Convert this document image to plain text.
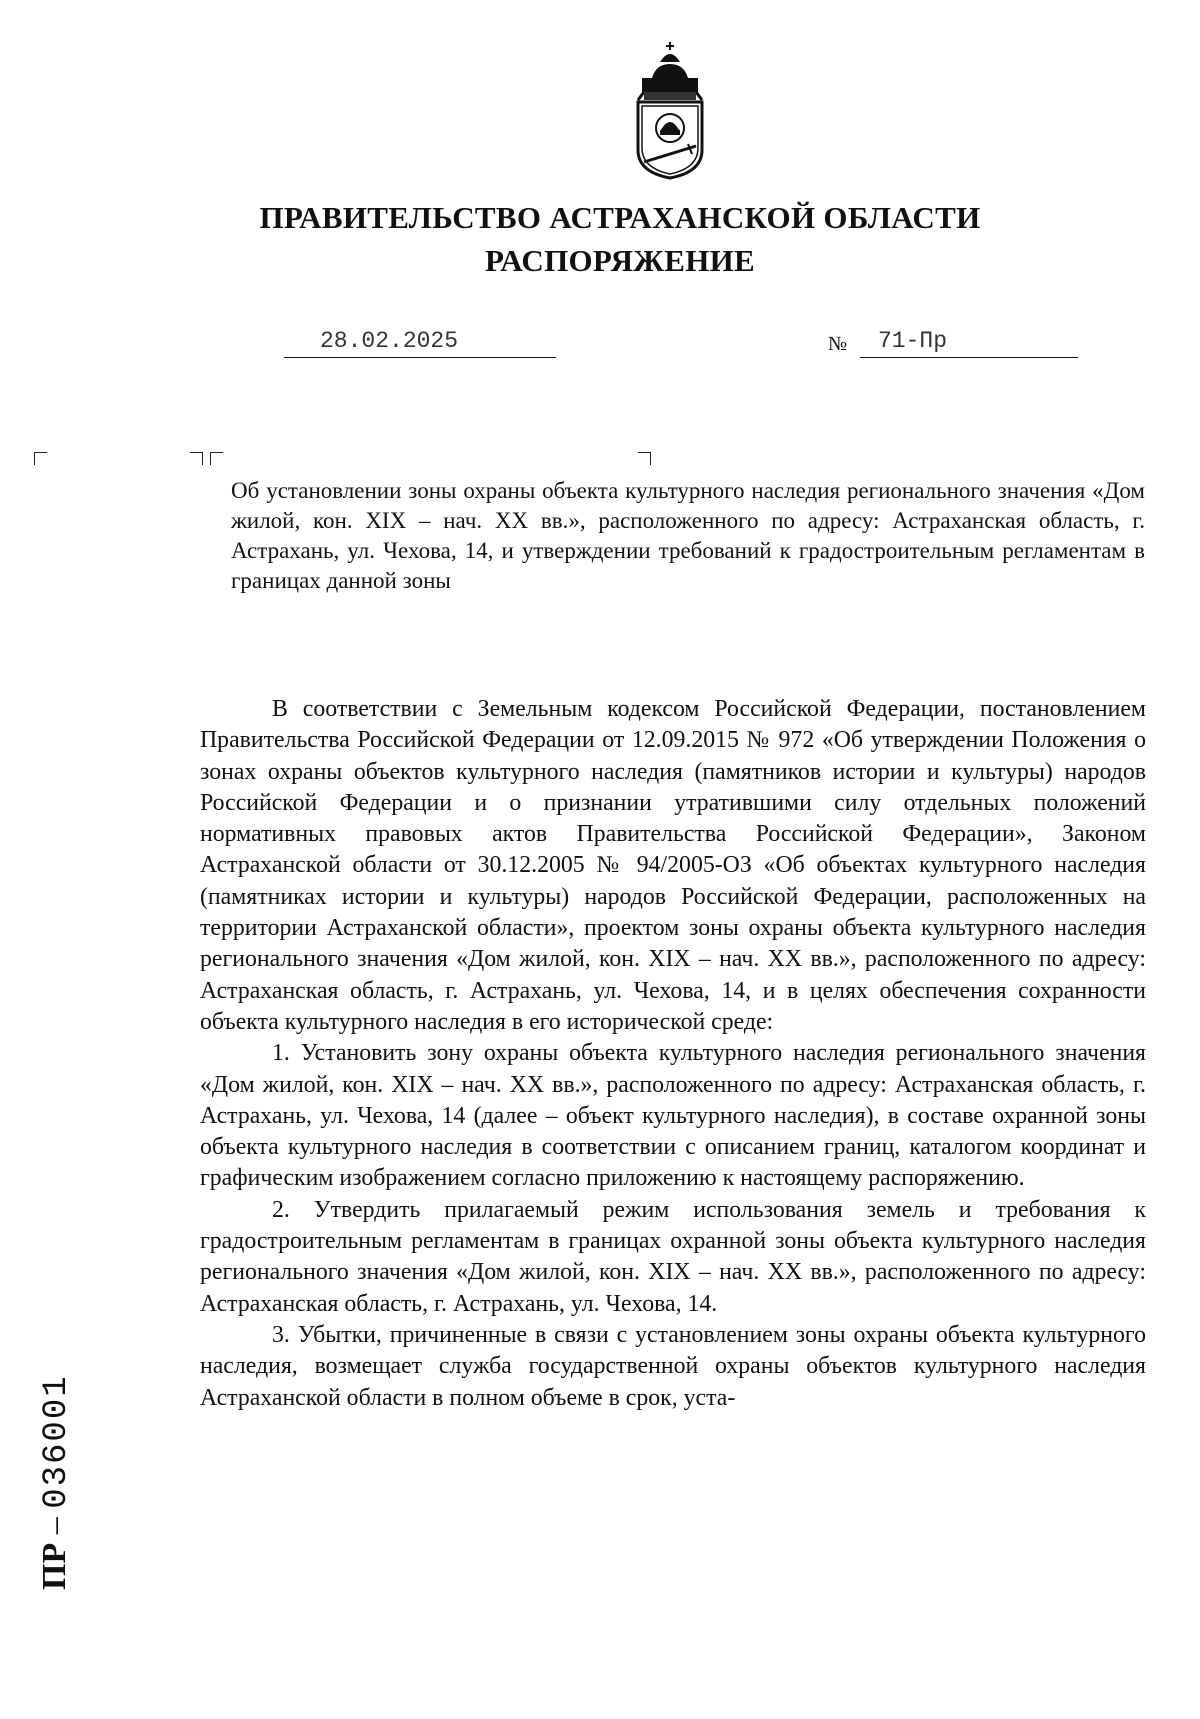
ПРАВИТЕЛЬСТВО АСТРАХАНСКОЙ ОБЛАСТИ
РАСПОРЯЖЕНИЕ
28.02.2025	№ 71-Пр
Об установлении зоны охраны объекта культурного наследия регионального значения «Дом жилой, кон. XIX – нач. XX вв.», расположенного по адресу: Астраханская область, г. Астрахань, ул. Чехова, 14, и утверждении требований к градостроительным регламентам в границах данной зоны

В соответствии с Земельным кодексом Российской Федерации, постановлением Правительства Российской Федерации от 12.09.2015 № 972 «Об утверждении Положения о зонах охраны объектов культурного наследия (памятников истории и культуры) народов Российской Федерации и о признании утратившими силу отдельных положений нормативных правовых актов Правительства Российской Федерации», Законом Астраханской области от 30.12.2005 № 94/2005-ОЗ «Об объектах культурного наследия (памятниках истории и культуры) народов Российской Федерации, расположенных на территории Астраханской области», проектом зоны охраны объекта культурного наследия регионального значения «Дом жилой, кон. XIX – нач. XX вв.», расположенного по адресу: Астраханская область, г. Астрахань, ул. Чехова, 14, и в целях обеспечения сохранности объекта культурного наследия в его исторической среде:

1. Установить зону охраны объекта культурного наследия регионального значения «Дом жилой, кон. XIX – нач. XX вв.», расположенного по адресу: Астраханская область, г. Астрахань, ул. Чехова, 14 (далее – объект культурного наследия), в составе охранной зоны объекта культурного наследия в соответствии с описанием границ, каталогом координат и графическим изображением согласно приложению к настоящему распоряжению.

2. Утвердить прилагаемый режим использования земель и требования к градостроительным регламентам в границах охранной зоны объекта культурного наследия регионального значения «Дом жилой, кон. XIX – нач. XX вв.», расположенного по адресу: Астраханская область, г. Астрахань, ул. Чехова, 14.

3. Убытки, причиненные в связи с установлением зоны охраны объекта культурного наследия, возмещает служба государственной охраны объектов культурного наследия Астраханской области в полном объеме в срок, уста-

ПР – 036001
